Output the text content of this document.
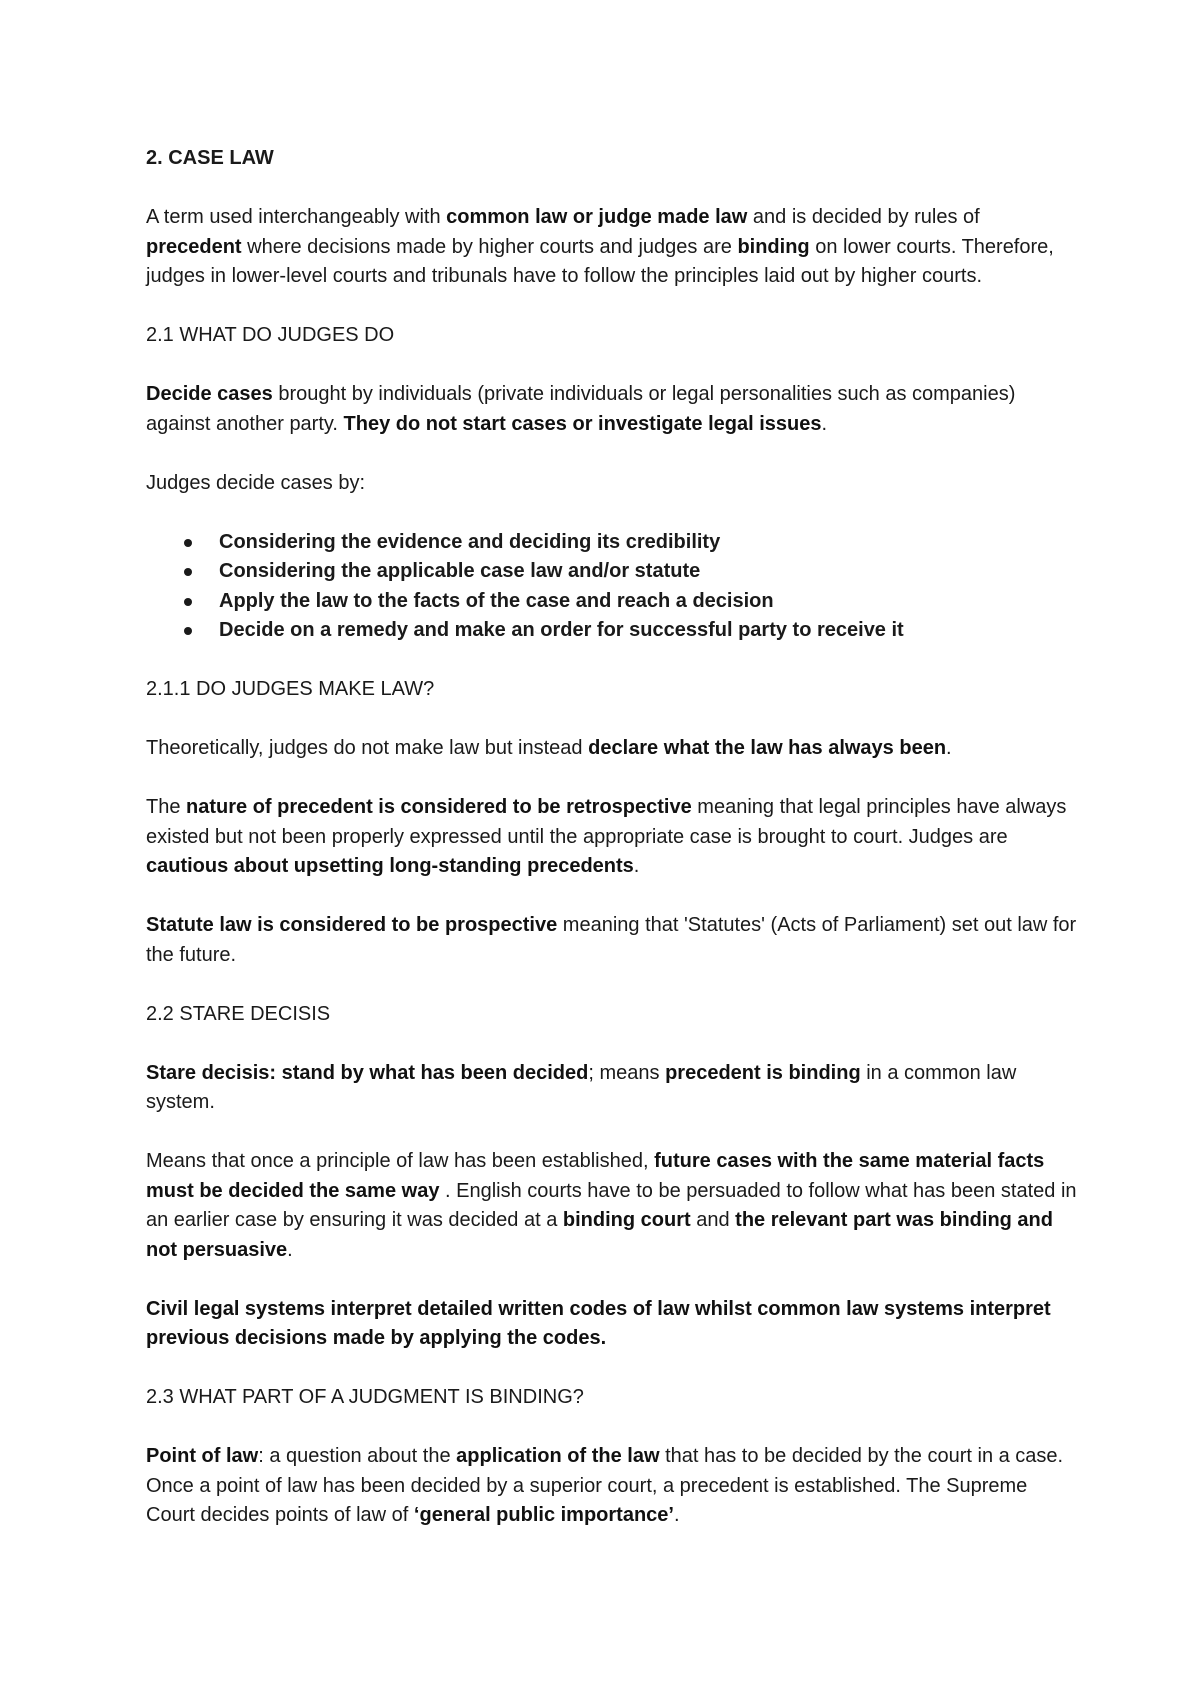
2. CASE LAW

A term used interchangeably with common law or judge made law and is decided by rules of precedent where decisions made by higher courts and judges are binding on lower courts. Therefore, judges in lower-level courts and tribunals have to follow the principles laid out by higher courts.

2.1 WHAT DO JUDGES DO

Decide cases brought by individuals (private individuals or legal personalities such as companies) against another party. They do not start cases or investigate legal issues.

Judges decide cases by:

Considering the evidence and deciding its credibility
Considering the applicable case law and/or statute
Apply the law to the facts of the case and reach a decision
Decide on a remedy and make an order for successful party to receive it

2.1.1 DO JUDGES MAKE LAW?

Theoretically, judges do not make law but instead declare what the law has always been.

The nature of precedent is considered to be retrospective meaning that legal principles have always existed but not been properly expressed until the appropriate case is brought to court. Judges are cautious about upsetting long-standing precedents.

Statute law is considered to be prospective meaning that 'Statutes' (Acts of Parliament) set out law for the future.

2.2 STARE DECISIS

Stare decisis: stand by what has been decided; means precedent is binding in a common law system.

Means that once a principle of law has been established, future cases with the same material facts must be decided the same way . English courts have to be persuaded to follow what has been stated in an earlier case by ensuring it was decided at a binding court and the relevant part was binding and not persuasive.

Civil legal systems interpret detailed written codes of law whilst common law systems interpret previous decisions made by applying the codes.

2.3 WHAT PART OF A JUDGMENT IS BINDING?

Point of law: a question about the application of the law that has to be decided by the court in a case. Once a point of law has been decided by a superior court, a precedent is established. The Supreme Court decides points of law of ‘general public importance’.
